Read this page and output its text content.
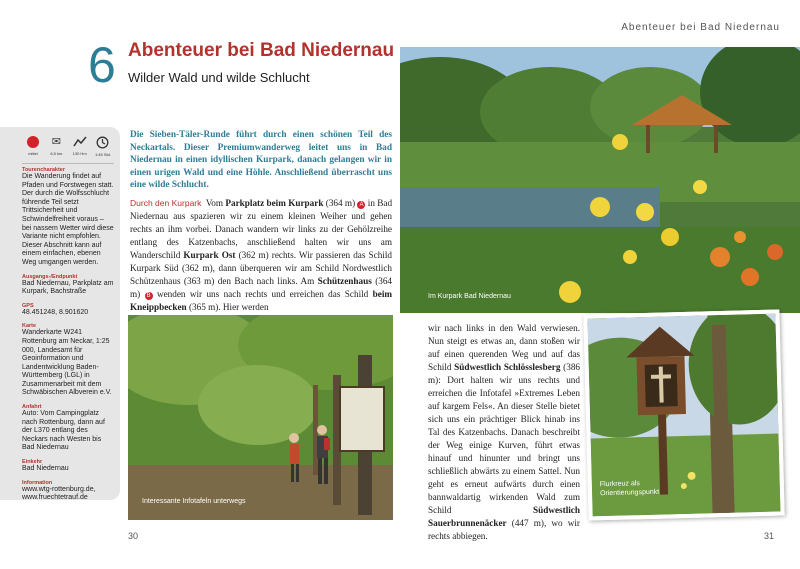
Abenteuer bei Bad Niedernau
6 Abenteuer bei Bad Niedernau
Wilder Wald und wilde Schlucht
mittel
✉
6,5 km	130 Hm 1:45 Std.
Tourencharakter
Die Wanderung findet auf Pfaden und Forstwegen statt. Der durch die Wolfsschlucht führende Teil setzt Trittsicherheit und Schwindelfreiheit voraus – bei nassem Wetter wird diese Variante nicht empfohlen. Dieser Abschnitt kann auf einem einfachen, ebenen Weg umgangen werden.
Ausgangs-/Endpunkt
Bad Niedernau, Parkplatz am Kurpark, Bachstraße
GPS
48.451248, 8.901620
Karte
Wanderkarte W241 Rottenburg am Neckar, 1:25 000, Landesamt für Geoinformation und Landentwicklung Baden-Württemberg (LGL) in Zusammenarbeit mit dem Schwäbischen Albverein e.V.
Anfahrt
Auto: Vom Campingplatz nach Rottenburg, dann auf der L370 entlang des Neckars nach Westen bis Bad Niedernau
Einkehr
Bad Niedernau
Information
www.wtg-rottenburg.de, www.fruechtetrauf.de

Die Sieben-Täler-Runde führt durch einen schönen Teil des Neckartals. Dieser Premiumwanderweg leitet uns in Bad Niedernau in einen idyllischen Kurpark, danach gelangen wir in einen urigen Wald und eine Höhle. Anschließend überrascht uns eine wilde Schlucht.

Durch den Kurpark Vom Parkplatz beim Kurpark (364 m) A in Bad Niedernau aus spazieren wir zu einem kleinen Weiher und gehen rechts an ihm vorbei. Danach wandern wir links zu der Gehölzreihe entlang des Katzenbachs, anschließend halten wir uns am Wanderschild Kurpark Ost (362 m) rechts. Wir passieren das Schild Kurpark Süd (362 m), dann überqueren wir am Schild Nordwestlich Schützenhaus (363 m) den Bach nach links. Am Schützenhaus (364 m) B wenden wir uns nach rechts und erreichen das Schild beim Kneippbecken (365 m). Hier werden

Im Kurpark Bad Niedernau
Interessante Infotafeln unterwegs

wir nach links in den Wald verwiesen. Nun steigt es etwas an, dann stoßen wir auf einen querenden Weg und auf das Schild Südwestlich Schlösslesberg (386 m): Dort halten wir uns rechts und erreichen die Infotafel »Extremes Leben auf kargem Fels«. An dieser Stelle bietet sich uns ein prächtiger Blick hinab ins Tal des Katzenbachs. Danach beschreibt der Weg einige Kurven, führt etwas hinauf und hinunter und bringt uns schließlich abwärts zu einem Sattel. Nun geht es erneut aufwärts durch einen bannwaldartig wirkenden Wald zum Schild	Südwestlich Sauerbrunnenäcker (447 m), wo wir rechts abbiegen.

Flurkreuz als Orientierungspunkt
30	31
